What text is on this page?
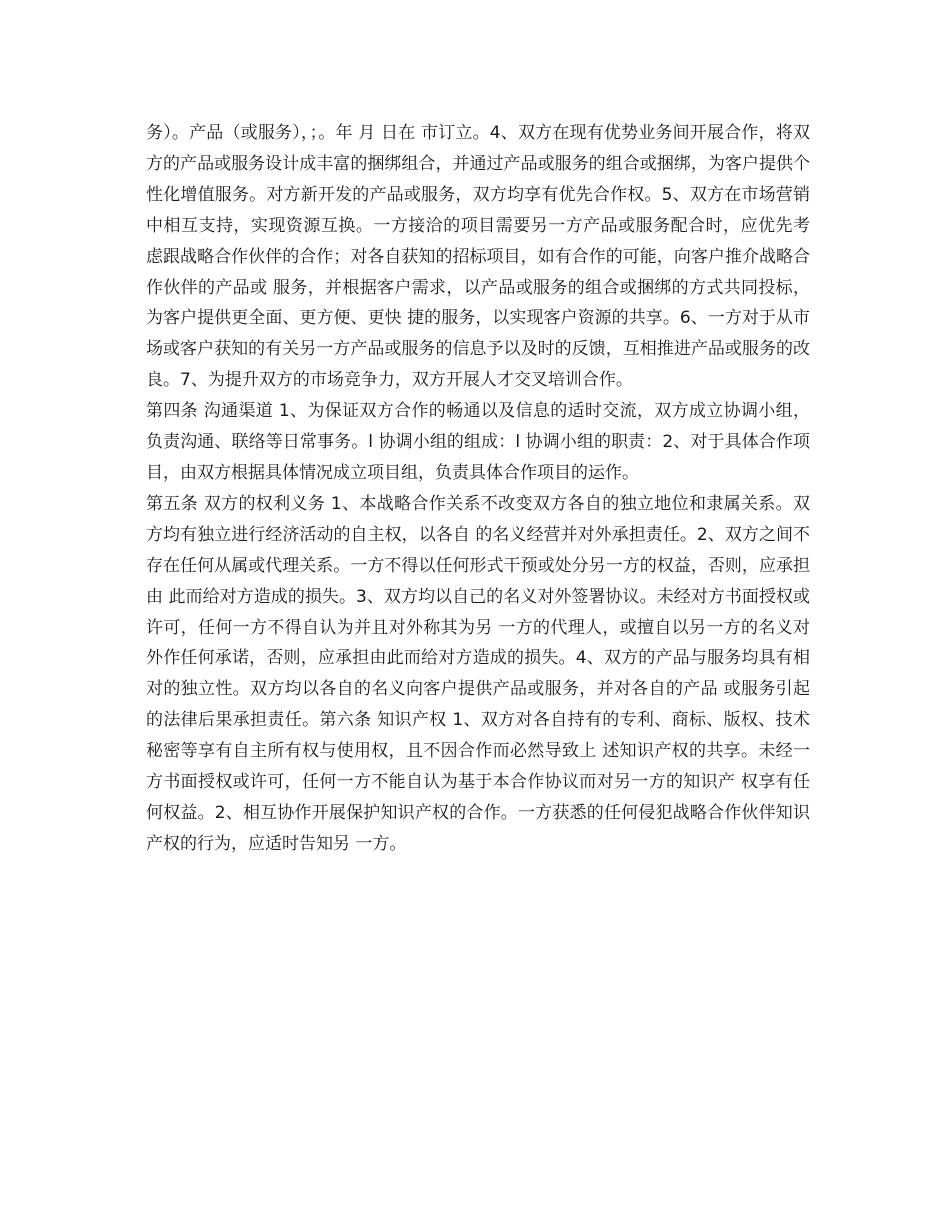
务）。产品（或服务），；。年 月 日在 市订立。4、双方在现有优势业务间开展合作，将双方的产品或服务设计成丰富的捆绑组合，并通过产品或服务的组合或捆绑，为客户提供个性化增值服务。对方新开发的产品或服务，双方均享有优先合作权。5、双方在市场营销中相互支持，实现资源互换。一方接洽的项目需要另一方产品或服务配合时，应优先考 虑跟战略合作伙伴的合作；对各自获知的招标项目，如有合作的可能，向客户推介战略合作伙伴的产品或 服务，并根据客户需求，以产品或服务的组合或捆绑的方式共同投标，为客户提供更全面、更方便、更快 捷的服务，以实现客户资源的共享。6、一方对于从市场或客户获知的有关另一方产品或服务的信息予以及时的反馈，互相推进产品或服务的改 良。7、为提升双方的市场竞争力，双方开展人才交叉培训合作。

第四条 沟通渠道 1、为保证双方合作的畅通以及信息的适时交流，双方成立协调小组，负责沟通、联络等日常事务。l 协调小组的组成：l 协调小组的职责：2、对于具体合作项目，由双方根据具体情况成立项目组，负责具体合作项目的运作。

第五条 双方的权利义务 1、本战略合作关系不改变双方各自的独立地位和隶属关系。双方均有独立进行经济活动的自主权，以各自 的名义经营并对外承担责任。2、双方之间不存在任何从属或代理关系。一方不得以任何形式干预或处分另一方的权益，否则，应承担由 此而给对方造成的损失。3、双方均以自己的名义对外签署协议。未经对方书面授权或许可，任何一方不得自认为并且对外称其为另 一方的代理人，或擅自以另一方的名义对外作任何承诺，否则，应承担由此而给对方造成的损失。4、双方的产品与服务均具有相对的独立性。双方均以各自的名义向客户提供产品或服务，并对各自的产品 或服务引起的法律后果承担责任。第六条 知识产权 1、双方对各自持有的专利、商标、版权、技术秘密等享有自主所有权与使用权，且不因合作而必然导致上 述知识产权的共享。未经一方书面授权或许可，任何一方不能自认为基于本合作协议而对另一方的知识产 权享有任何权益。2、相互协作开展保护知识产权的合作。一方获悉的任何侵犯战略合作伙伴知识产权的行为，应适时告知另 一方。
